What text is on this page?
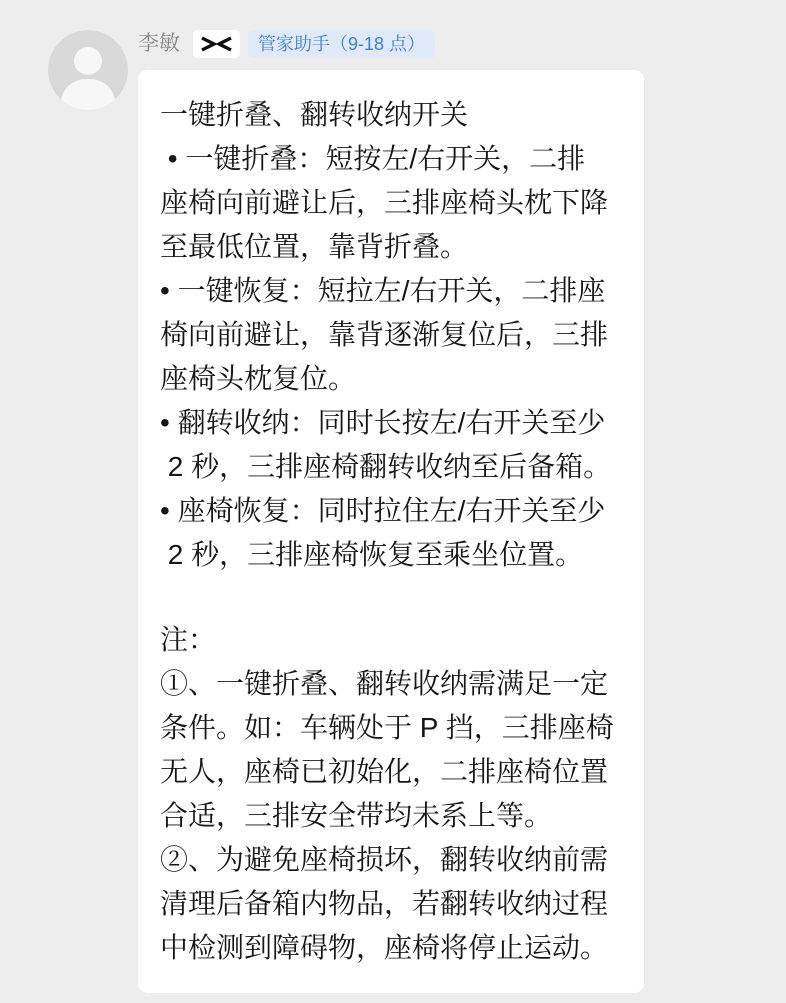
李敏	管家助手（9-18 点）
一键折叠、翻转收纳开关
• 一键折叠：短按左/右开关，二排
座椅向前避让后，三排座椅头枕下降
至最低位置，靠背折叠。
• 一键恢复：短拉左/右开关，二排座
椅向前避让，靠背逐渐复位后，三排
座椅头枕复位。
• 翻转收纳：同时长按左/右开关至少
2 秒，三排座椅翻转收纳至后备箱。
• 座椅恢复：同时拉住左/右开关至少
2 秒，三排座椅恢复至乘坐位置。
注：
①、一键折叠、翻转收纳需满足一定
条件。如：车辆处于 P 挡，三排座椅
无人，座椅已初始化，二排座椅位置
合适，三排安全带均未系上等。
②、为避免座椅损坏，翻转收纳前需
清理后备箱内物品，若翻转收纳过程
中检测到障碍物，座椅将停止运动。
